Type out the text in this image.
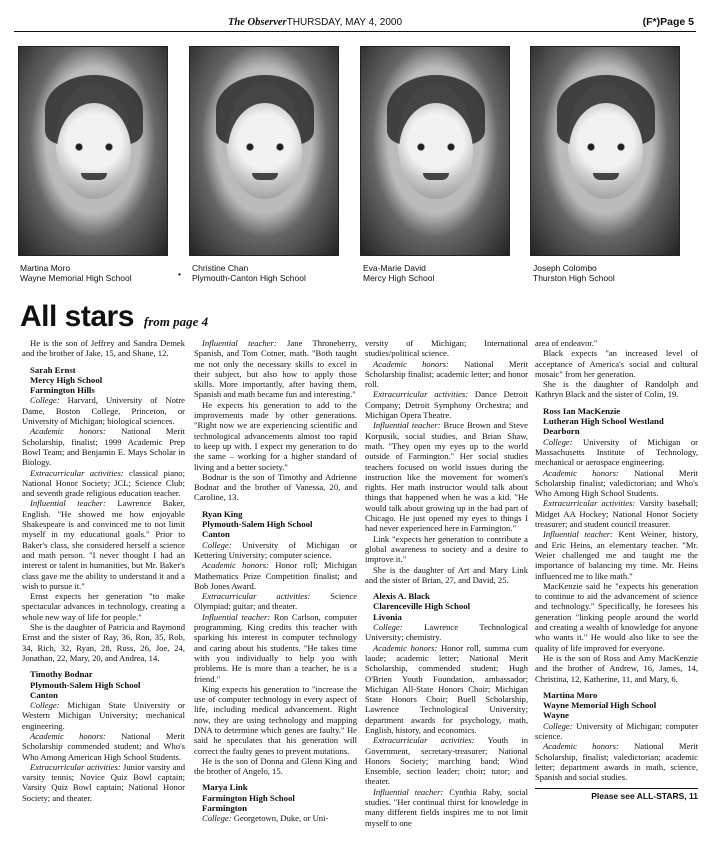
The ObserverTHURSDAY, MAY 4, 2000	(F*)Page 5
Martina Moro
Wayne Memorial High School	•
Christine Chan
Plymouth-Canton High School
Eva-Marie David
Mercy High School
Joseph Colombo
Thurston High School
All stars from page 4

He is the son of Jeffrey and Sandra Demek and the brother of Jake, 15, and Shane, 12.

Sarah Ernst
Mercy High School
Farmington Hills

College: Harvard, University of Notre Dame, Boston College, Princeton, or University of Michigan; biological sciences.

Academic honors: National Merit Scholarship, finalist; 1999 Academic Prep Bowl Team; and Benjamin E. Mays Scholar in Biology.

Extracurricular activities: classical piano; National Honor Society; JCL; Science Club; and seventh grade religious education teacher.

Influential teacher: Lawrence Baker, English. "He showed me how enjoyable Shakespeare is and convinced me to not limit myself in my educational goals." Prior to Baker's class, she considered herself a science and math person. "I never thought I had an interest or talent in humanities, but Mr. Baker's class gave me the ability to understand it and a wish to pursue it."

Ernst expects her generation "to make spectacular advances in technology, creating a whole new way of life for people."

She is the daughter of Patricia and Raymond Ernst and the sister of Ray, 36, Ron, 35, Rob, 34, Rich, 32, Ryan, 28, Russ, 26, Joe, 24, Jonathan, 22, Mary, 20, and Andrea, 14.

Timothy Bodnar
Plymouth-Salem High School
Canton

College: Michigan State University or Western Michigan University; mechanical engineering.

Academic honors: National Merit Scholarship commended student; and Who's Who Among American High School Students.

Extracurricular activities: Junior varsity and varsity tennis; Novice Quiz Bowl captain; Varsity Quiz Bowl captain; National Honor Society; and theater.

Influential teacher: Jane Throneberry, Spanish, and Tom Cotner, math. "Both taught me not only the necessary skills to excel in their subject, but also how to apply those skills. More importantly, after having them, Spanish and math became fun and interesting."

He expects his generation to add to the improvements made by other generations. "Right now we are experiencing scientific and technological advancements almost too rapid to keep up with. I expect my generation to do the same – working for a higher standard of living and a better society."

Bodnar is the son of Timothy and Adrienne Bodnar and the brother of Vanessa, 20, and Caroline, 13.

Ryan King
Plymouth-Salem High School
Canton

College: University of Michigan or Kettering University; computer science.

Academic honors: Honor roll; Michigan Mathematics Prize Competition finalist; and Bob Jones Award.

Extracurricular activities: Science Olympiad; guitar; and theater.

Influential teacher: Ron Carlson, computer programming. King credits this teacher with sparking his interest in computer technology and caring about his students. "He takes time with you individually to help you with problems. He is more than a teacher, he is a friend."

King expects his generation to "increase the use of computer technology in every aspect of life, including medical advancement. Right now, they are using technology and mapping DNA to determine which genes are faulty." He said he speculates that his generation will correct the faulty genes to prevent mutations.

He is the son of Donna and Glenn King and the brother of Angelo, 15.

Marya Link
Farmington High School
Farmington

College: Georgetown, Duke, or Uni-

versity of Michigan; International studies/political science.

Academic honors: National Merit Scholarship finalist; academic letter; and honor roll.

Extracurricular activities: Dance Detroit Company; Detroit Symphony Orchestra; and Michigan Opera Theatre.

Influential teacher: Bruce Brown and Steve Korpusik, social studies, and Brian Shaw, math. "They open my eyes up to the world outside of Farmington." Her social studies teachers focused on world issues during the instruction like the movement for women's rights. Her math instructor would talk about things that happened when he was a kid. "He would talk about growing up in the bad part of Chicago. He just opened my eyes to things I had never experienced here in Farmington."

Link "expects her generation to contribute a global awareness to society and a desire to improve it."

She is the daughter of Art and Mary Link and the sister of Brian, 27, and David, 25.

Alexis A. Black
Clarenceville High School
Livonia

College: Lawrence Technological University; chemistry.

Academic honors: Honor roll, summa cum laude; academic letter; National Merit Scholarship, commended student; Hugh O'Brien Youth Foundation, ambassador; Michigan All-State Honors Choir; Michigan State Honors Choir; Buell Scholarship, Lawrence Technological University; department awards for psychology, math, English, history, and economics.

Extracurricular activities: Youth in Government, secretary-treasurer; National Honors Society; marching band; Wind Ensemble, section leader; choir; tutor; and theater.

Influential teacher: Cynthia Raby, social studies. "Her continual thirst for knowledge in many different fields inspires me to not limit myself to one

area of endeavor."

Black expects "an increased level of acceptance of America's social and cultural mosaic" from her generation.

She is the daughter of Randolph and Kathryn Black and the sister of Colin, 19.

Ross Ian MacKenzie
Lutheran High School Westland
Dearborn

College: University of Michigan or Massachusetts Institute of Technology, mechanical or aerospace engineering.

Academic honors: National Merit Scholarship finalist; valedictorian; and Who's Who Among High School Students.

Extracurricular activities: Varsity baseball; Midget AA Hockey; National Honor Society treasurer; and student council treasurer.

Influential teacher: Kent Weiner, history, and Eric Heins, an elementary teacher. "Mr. Weier challenged me and taught me the importance of balancing my time. Mr. Heins influenced me to like math."

MacKenzie said he "expects his generation to continue to aid the advancement of science and technology." Specifically, he foresees his generation "linking people around the world and creating a wealth of knowledge for anyone who wants it." He would also like to see the quality of life improved for everyone.

He is the son of Ross and Amy MacKenzie and the brother of Andrew, 16, James, 14, Christina, 12, Katherine, 11, and Mary, 6.

Martina Moro
Wayne Memorial High School
Wayne

College: University of Michigan; computer science.

Academic honors: National Merit Scholarship, finalist; valedictorian; academic letter; department awards in math, science, Spanish and social studies.

Please see ALL-STARS, 11
